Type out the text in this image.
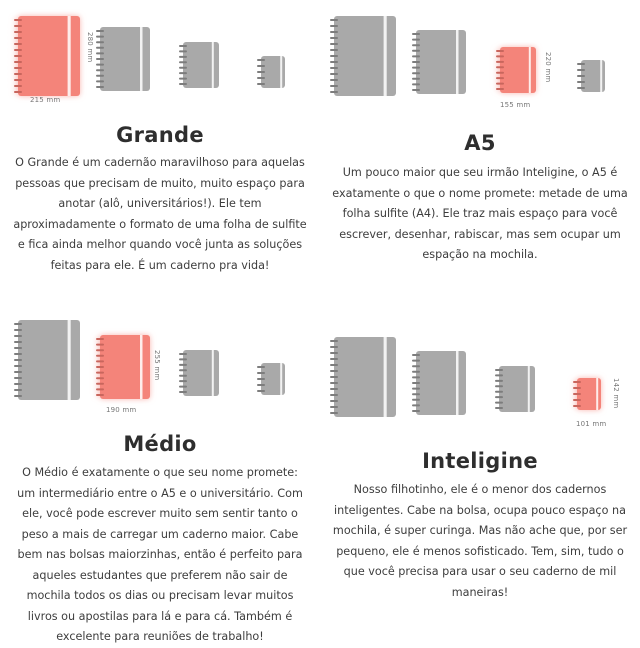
280 mm
215 mm
Grande

O Grande é um cadernão maravilhoso para aquelas pessoas que precisam de muito, muito espaço para anotar (alô, universitários!). Ele tem aproximadamente o formato de uma folha de sulfite e fica ainda melhor quando você junta as soluções feitas para ele. É um caderno pra vida!

220 mm
155 mm
A5

Um pouco maior que seu irmão Inteligine, o A5 é exatamente o que o nome promete: metade de uma folha sulfite (A4). Ele traz mais espaço para você escrever, desenhar, rabiscar, mas sem ocupar um espação na mochila.

255 mm
190 mm
Médio

O Médio é exatamente o que seu nome promete: um intermediário entre o A5 e o universitário. Com ele, você pode escrever muito sem sentir tanto o peso a mais de carregar um caderno maior. Cabe bem nas bolsas maiorzinhas, então é perfeito para aqueles estudantes que preferem não sair de mochila todos os dias ou precisam levar muitos livros ou apostilas para lá e para cá. Também é excelente para reuniões de trabalho!

142 mm
101 mm
Inteligine

Nosso filhotinho, ele é o menor dos cadernos inteligentes. Cabe na bolsa, ocupa pouco espaço na mochila, é super curinga. Mas não ache que, por ser pequeno, ele é menos sofisticado. Tem, sim, tudo o que você precisa para usar o seu caderno de mil maneiras!
